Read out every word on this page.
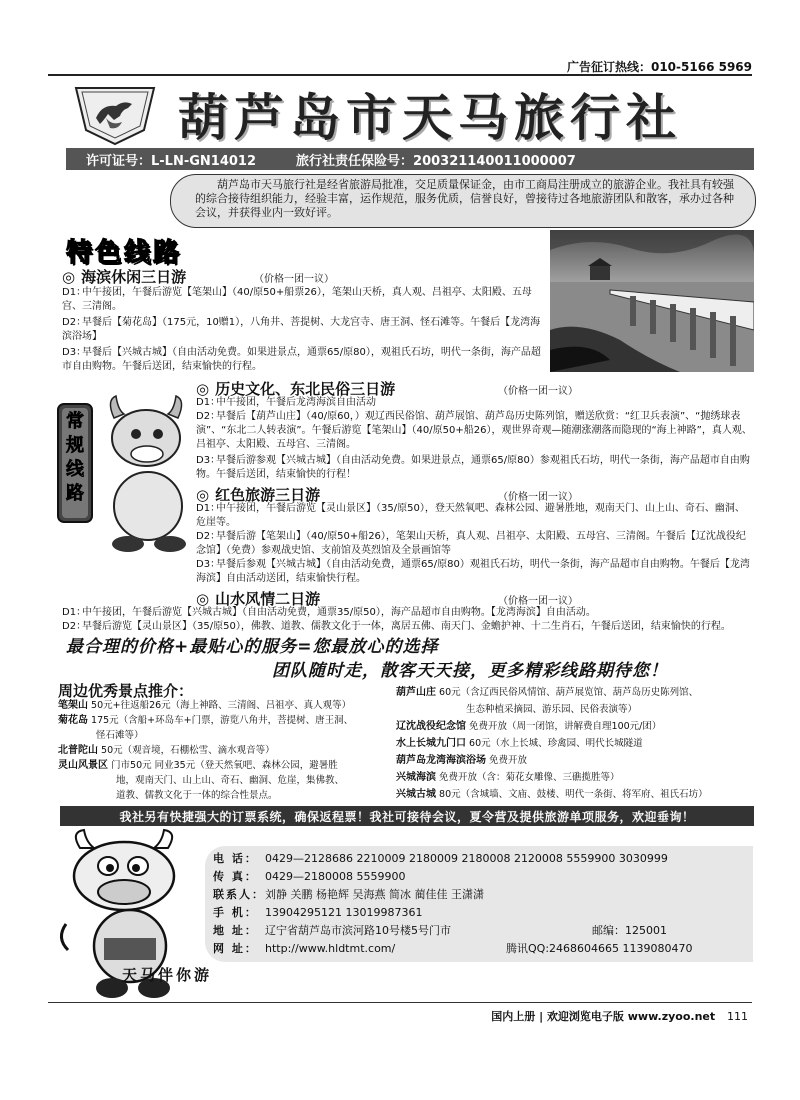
广告征订热线：010-5166 5969
葫芦岛市天马旅行社
许可证号：L-LN-GN14012	旅行社责任保险号：200321140011000007

葫芦岛市天马旅行社是经省旅游局批准，交足质量保证金，由市工商局注册成立的旅游企业。我社具有较强的综合接待组织能力，经验丰富，运作规范，服务优质，信誉良好，曾接待过各地旅游团队和散客，承办过各种会议，并获得业内一致好评。

特色线路
◎ 海滨休闲三日游	（价格一团一议）
D1：中午接团，午餐后游览【笔架山】（40/原50+船票26），笔架山天桥，真人观、吕祖亭、太阳殿、五母宫、三清阁。
D2：早餐后【菊花岛】（175元，10赠1），八角井、菩提树、大龙宫寺、唐王洞、怪石滩等。午餐后【龙湾海滨浴场】
D3：早餐后【兴城古城】（自由活动免费。如果进景点，通票65/原80），观祖氏石坊，明代一条街，海产品超市自由购物。午餐后送团，结束愉快的行程。
常规线路
◎ 历史文化、东北民俗三日游	（价格一团一议）
D1：中午接团，午餐后龙湾海滨自由活动
D2：早餐后【葫芦山庄】（40/原60，）观辽西民俗馆、葫芦展馆、葫芦岛历史陈列馆，赠送欣赏：“红卫兵表演”、“抛绣球表演”、“东北二人转表演”。午餐后游览【笔架山】（40/原50+船26），观世界奇观—随潮涨潮落而隐现的“海上神路”，真人观、吕祖亭、太阳殿、五母宫、三清阁。
D3：早餐后游参观【兴城古城】（自由活动免费。如果进景点，通票65/原80）参观祖氏石坊，明代一条街，海产品超市自由购物。午餐后送团，结束愉快的行程！
◎ 红色旅游三日游	（价格一团一议）
D1：中午接团，午餐后游览【灵山景区】（35/原50），登天然氧吧、森林公园、避暑胜地，观南天门、山上山、奇石、幽洞、危崖等。
D2：早餐后游【笔架山】（40/原50+船26），笔架山天桥，真人观、吕祖亭、太阳殿、五母宫、三清阁。午餐后【辽沈战役纪念馆】（免费）参观战史馆、支前馆及英烈馆及全景画馆等
D3：早餐后参观【兴城古城】（自由活动免费，通票65/原80）观祖氏石坊，明代一条街，海产品超市自由购物。午餐后【龙湾海滨】自由活动送团，结束愉快行程。
◎ 山水风情二日游	（价格一团一议）
D1：中午接团，午餐后游览【兴城古城】（自由活动免费，通票35/原50），海产品超市自由购物。【龙湾海滨】自由活动。
D2：早餐后游览【灵山景区】（35/原50），佛教、道教、儒教文化于一体，离居五佛、南天门、金蟾护神、十二生肖石，午餐后送团，结束愉快的行程。
最合理的价格+最贴心的服务=您最放心的选择
团队随时走，散客天天接，更多精彩线路期待您！
周边优秀景点推介：
笔架山 50元+往返船26元（海上神路、三清阁、吕祖亭、真人观等）
菊花岛 175元（含船+环岛车+门票，游览八角井，菩提树、唐王洞、
怪石滩等）
北普陀山 50元（观音境，石棚松雪、滴水观音等）
灵山风景区 门市50元 同业35元（登天然氧吧、森林公园，避暑胜
地，观南天门、山上山、奇石、幽洞、危崖，集佛教、
道教、儒教文化于一体的综合性景点。
葫芦山庄 60元（含辽西民俗风情馆、葫芦展览馆、葫芦岛历史陈列馆、
生态种植采摘园、游乐园、民俗表演等）
辽沈战役纪念馆 免费开放（周一闭馆，讲解费自理100元/团）
水上长城九门口 60元（水上长城、珍禽园、明代长城隧道
葫芦岛龙湾海滨浴场 免费开放
兴城海滨 免费开放（含：菊花女雕像、三礁揽胜等）
兴城古城 80元（含城墙、文庙、鼓楼、明代一条街、将军府、祖氏石坊）
我社另有快捷强大的订票系统，确保返程票！我社可接待会议，夏令营及提供旅游单项服务，欢迎垂询！
电 话： 0429—2128686 2210009 2180009 2180008 2120008 5559900 3030999
传 真： 0429—2180008 5559900
联系人：刘静 关鹏 杨艳辉 吴海燕 简冰 蔺佳佳 王潇潇
手 机： 13904295121 13019987361
地 址： 辽宁省葫芦岛市滨河路10号楼5号门市	邮编：125001
网 址： http://www.hldtmt.com/	腾讯QQ:2468604665 1139080470
天马伴你游
国内上册 | 欢迎浏览电子版 www.zyoo.net 111
